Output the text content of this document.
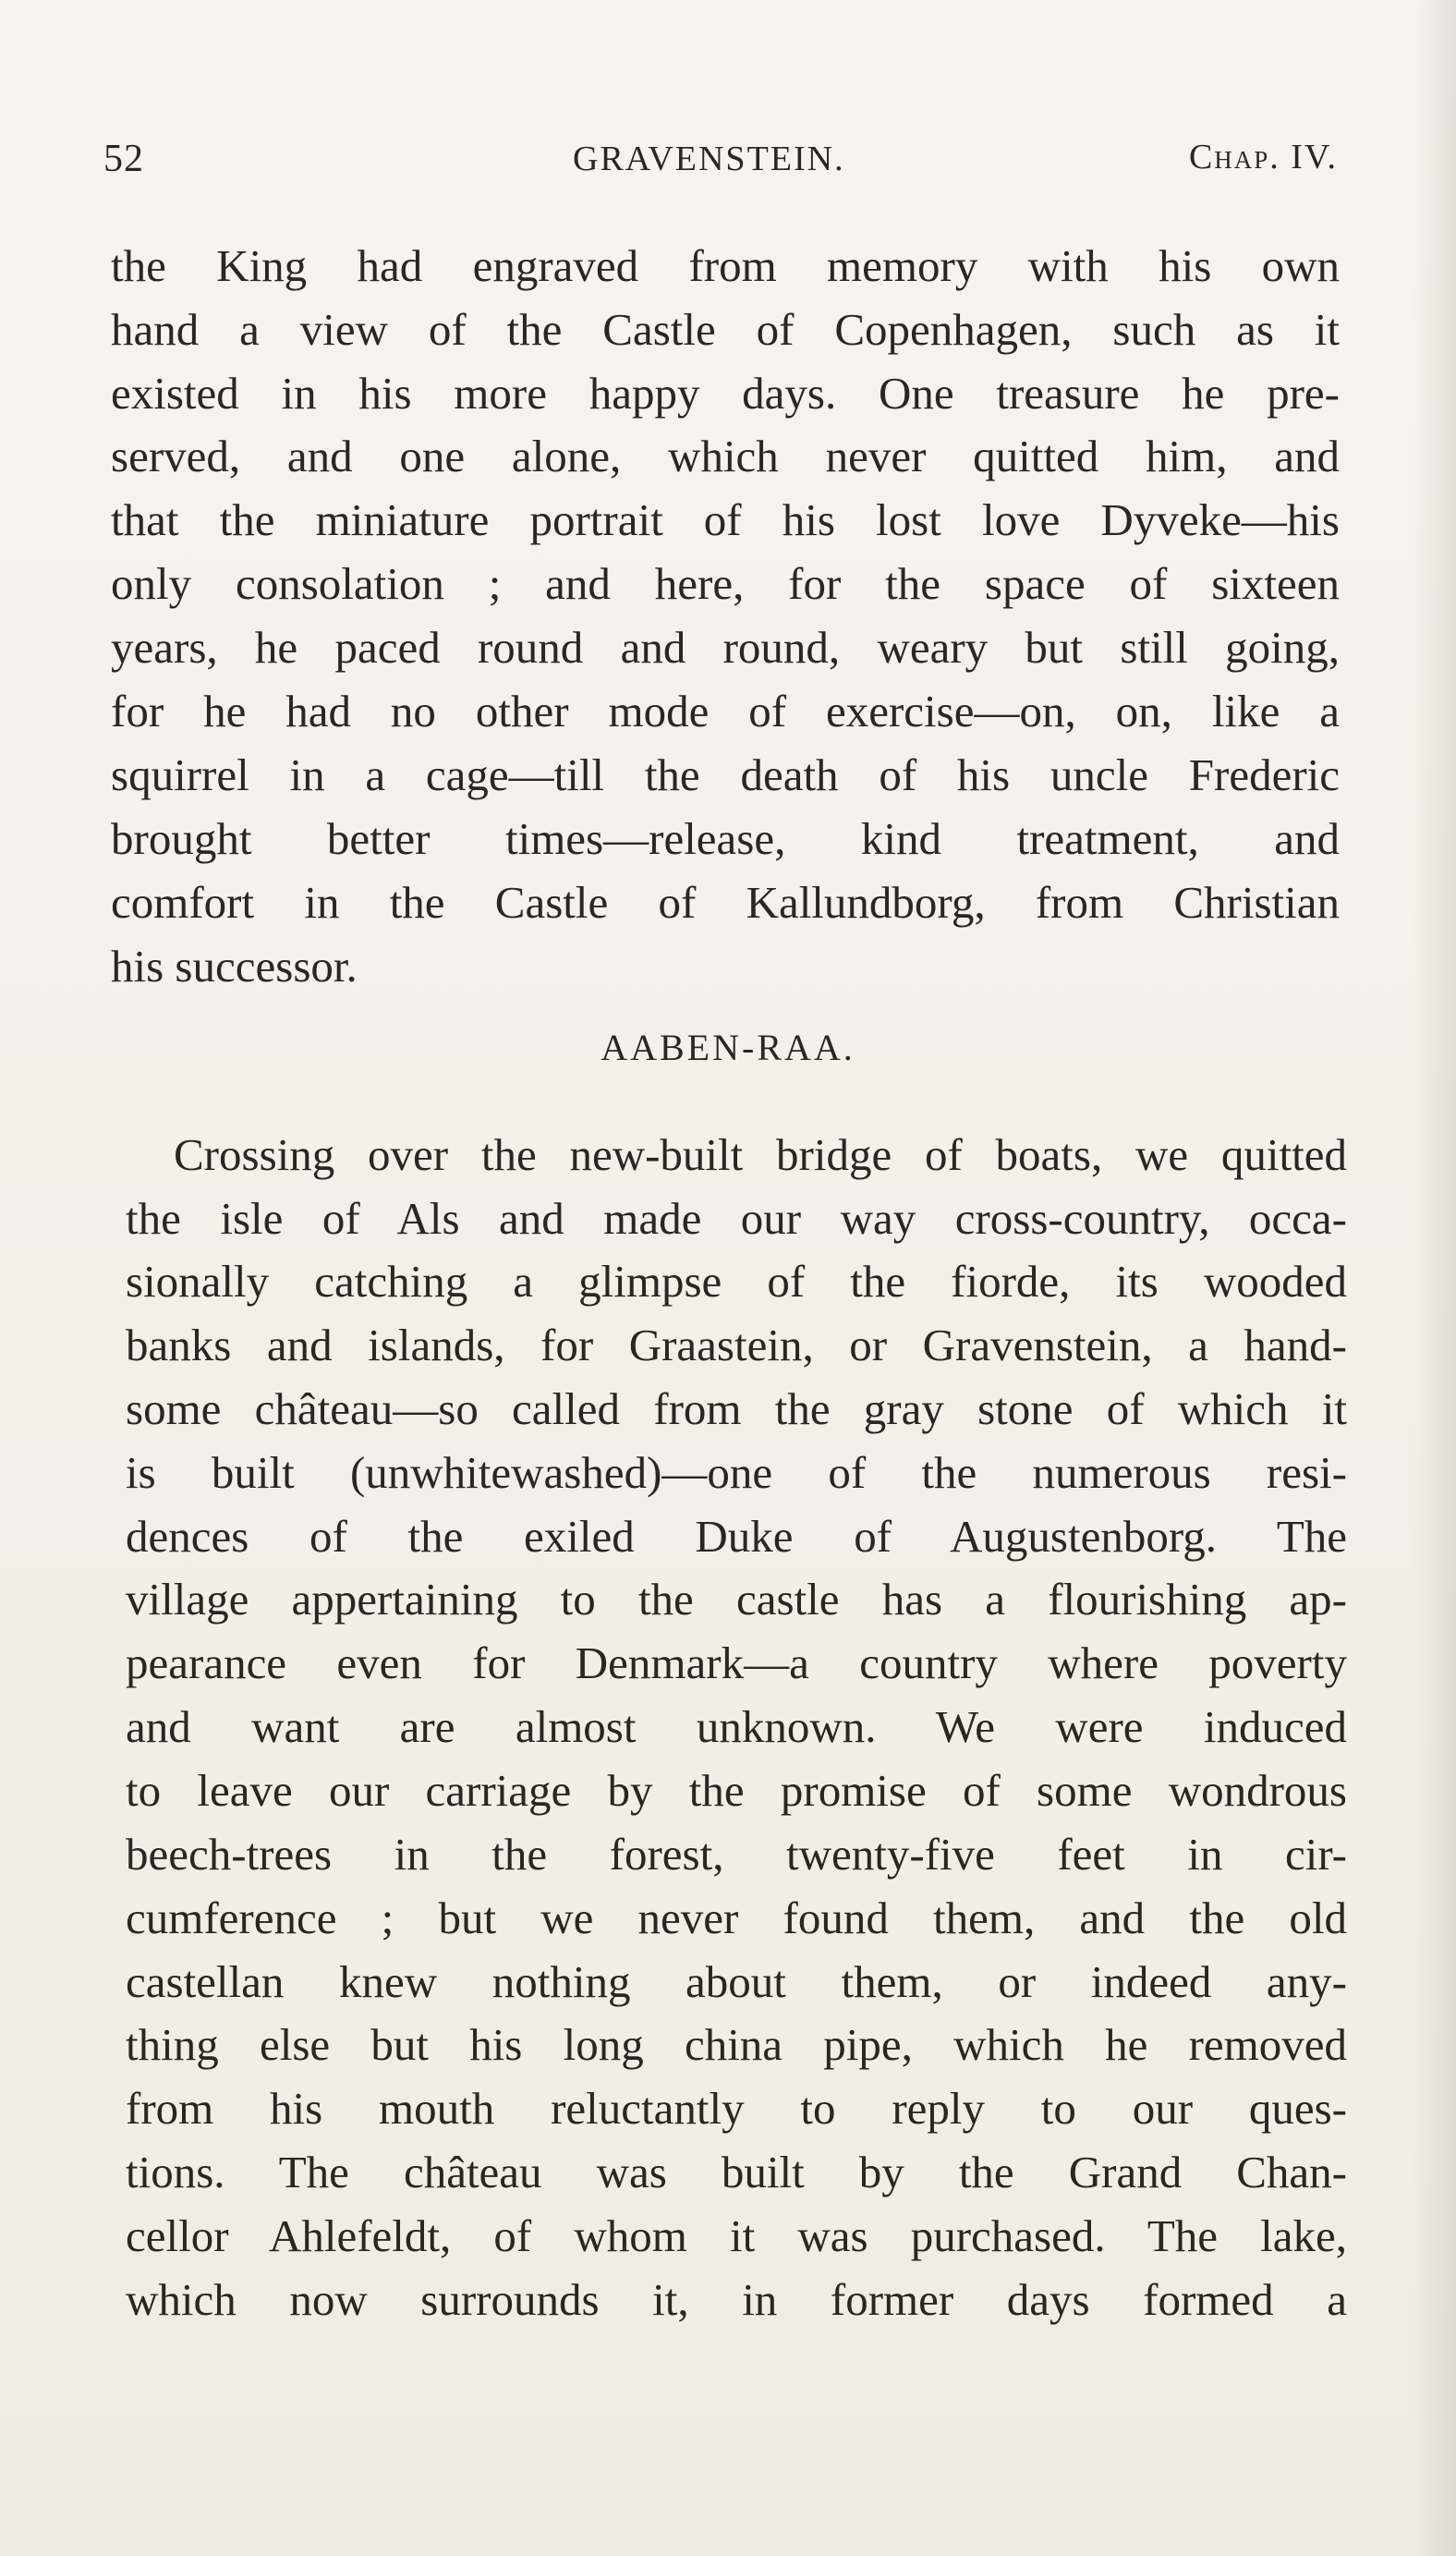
52	GRAVENSTEIN.	Chap. IV.
the King had engraved from memory with his own
hand a view of the Castle of Copenhagen, such as it
existed in his more happy days. One treasure he pre-
served, and one alone, which never quitted him, and
that the miniature portrait of his lost love Dyveke—his
only consolation ; and here, for the space of sixteen
years, he paced round and round, weary but still going,
for he had no other mode of exercise—on, on, like a
squirrel in a cage—till the death of his uncle Frederic
brought better times—release, kind treatment, and
comfort in the Castle of Kallundborg, from Christian
his successor.
AABEN-RAA.
Crossing over the new-built bridge of boats, we quitted
the isle of Als and made our way cross-country, occa-
sionally catching a glimpse of the fiorde, its wooded
banks and islands, for Graastein, or Gravenstein, a hand-
some château—so called from the gray stone of which it
is built (unwhitewashed)—one of the numerous resi-
dences of the exiled Duke of Augustenborg. The
village appertaining to the castle has a flourishing ap-
pearance even for Denmark—a country where poverty
and want are almost unknown. We were induced
to leave our carriage by the promise of some wondrous
beech-trees in the forest, twenty-five feet in cir-
cumference ; but we never found them, and the old
castellan knew nothing about them, or indeed any-
thing else but his long china pipe, which he removed
from his mouth reluctantly to reply to our ques-
tions. The château was built by the Grand Chan-
cellor Ahlefeldt, of whom it was purchased. The lake,
which now surrounds it, in former days formed a
